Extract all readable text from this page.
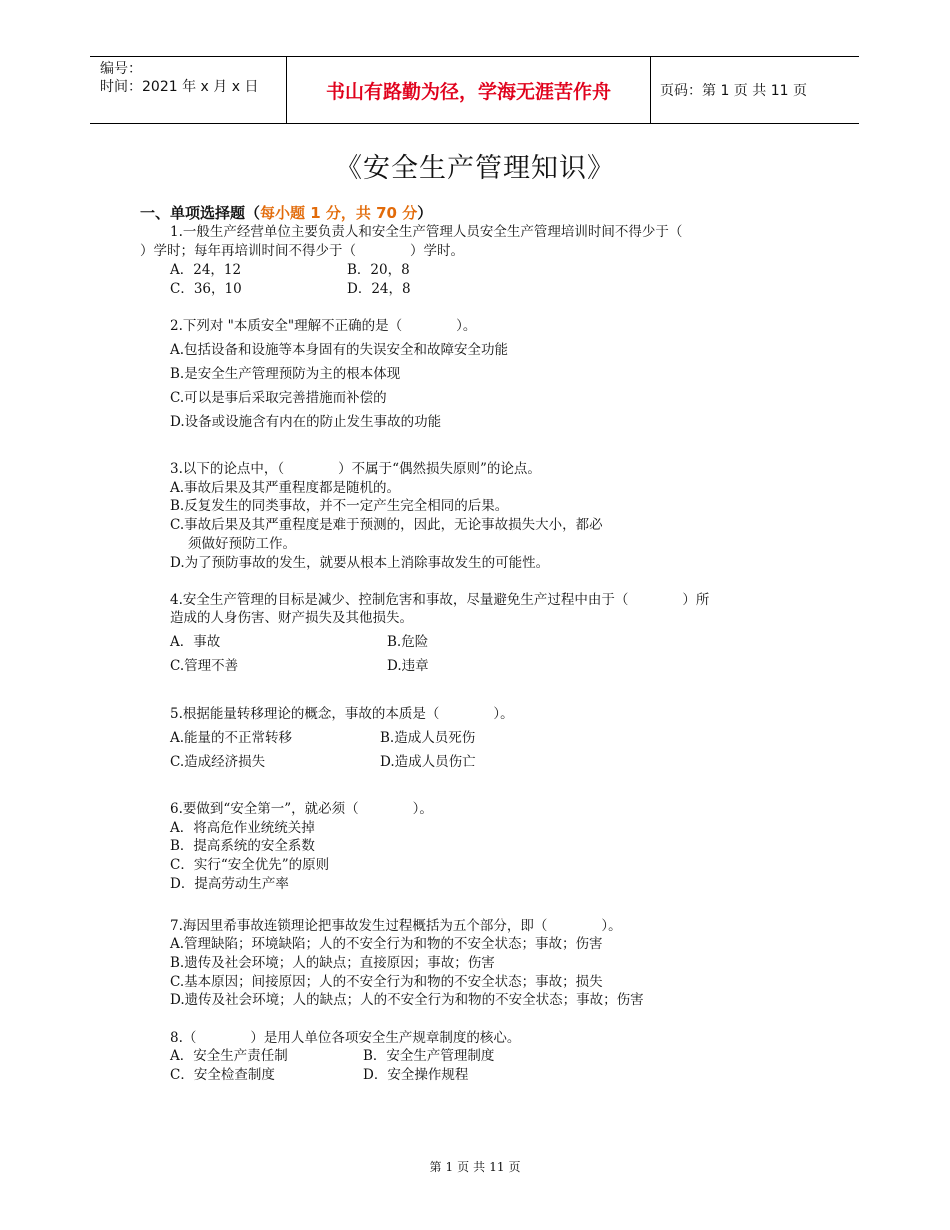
编号：
时间：2021 年 x 月 x 日	书山有路勤为径，学海无涯苦作舟	页码：第 1 页 共 11 页
《安全生产管理知识》
一、单项选择题（每小题 1 分，共 70 分）
1.一般生产经营单位主要负责人和安全生产管理人员安全生产管理培训时间不得少于（
）学时；每年再培训时间不得少于（　　　　）学时。
A．24，12	B．20，8
C．36，10	D．24，8
2.下列对 "本质安全"理解不正确的是（　　　　）。
A.包括设备和设施等本身固有的失误安全和故障安全功能
B.是安全生产管理预防为主的根本体现
C.可以是事后采取完善措施而补偿的
D.设备或设施含有内在的防止发生事故的功能
3.以下的论点中，（　　　　）不属于“偶然损失原则”的论点。
A.事故后果及其严重程度都是随机的。
B.反复发生的同类事故，并不一定产生完全相同的后果。
C.事故后果及其严重程度是难于预测的，因此，无论事故损失大小，都必
须做好预防工作。
D.为了预防事故的发生，就要从根本上消除事故发生的可能性。
4.安全生产管理的目标是减少、控制危害和事故，尽量避免生产过程中由于（　　　　）所
造成的人身伤害、财产损失及其他损失。
A．事故	B.危险
C.管理不善	D.违章
5.根据能量转移理论的概念，事故的本质是（　　　　）。
A.能量的不正常转移	B.造成人员死伤
C.造成经济损失	D.造成人员伤亡
6.要做到“安全第一”，就必须（　　　　）。
A．将高危作业统统关掉
B．提高系统的安全系数
C．实行“安全优先”的原则
D．提高劳动生产率
7.海因里希事故连锁理论把事故发生过程概括为五个部分，即（　　　　）。
A.管理缺陷；环境缺陷；人的不安全行为和物的不安全状态；事故；伤害
B.遗传及社会环境；人的缺点；直接原因；事故；伤害
C.基本原因；间接原因；人的不安全行为和物的不安全状态；事故；损失
D.遗传及社会环境；人的缺点；人的不安全行为和物的不安全状态；事故；伤害
8.（　　　　）是用人单位各项安全生产规章制度的核心。
A．安全生产责任制	B．安全生产管理制度
C．安全检查制度	D．安全操作规程
第 1 页 共 11 页
